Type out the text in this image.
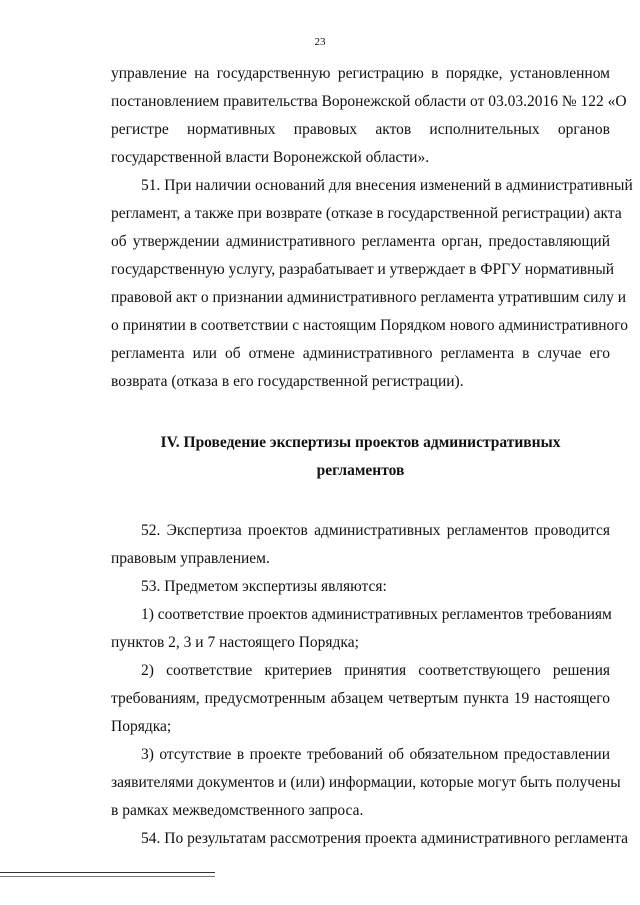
23
управление на государственную регистрацию в порядке, установленном
постановлением правительства Воронежской области от 03.03.2016 № 122 «О
регистре нормативных правовых актов исполнительных органов
государственной власти Воронежской области».
51. При наличии оснований для внесения изменений в административный
регламент, а также при возврате (отказе в государственной регистрации) акта
об утверждении административного регламента орган, предоставляющий
государственную услугу, разрабатывает и утверждает в ФРГУ нормативный
правовой акт о признании административного регламента утратившим силу и
о принятии в соответствии с настоящим Порядком нового административного
регламента или об отмене административного регламента в случае его
возврата (отказа в его государственной регистрации).
IV. Проведение экспертизы проектов административных
регламентов
52. Экспертиза проектов административных регламентов проводится
правовым управлением.
53. Предметом экспертизы являются:
1) соответствие проектов административных регламентов требованиям
пунктов 2, 3 и 7 настоящего Порядка;
2) соответствие критериев принятия соответствующего решения
требованиям, предусмотренным абзацем четвертым пункта 19 настоящего
Порядка;
3) отсутствие в проекте требований об обязательном предоставлении
заявителями документов и (или) информации, которые могут быть получены
в рамках межведомственного запроса.
54. По результатам рассмотрения проекта административного регламента
